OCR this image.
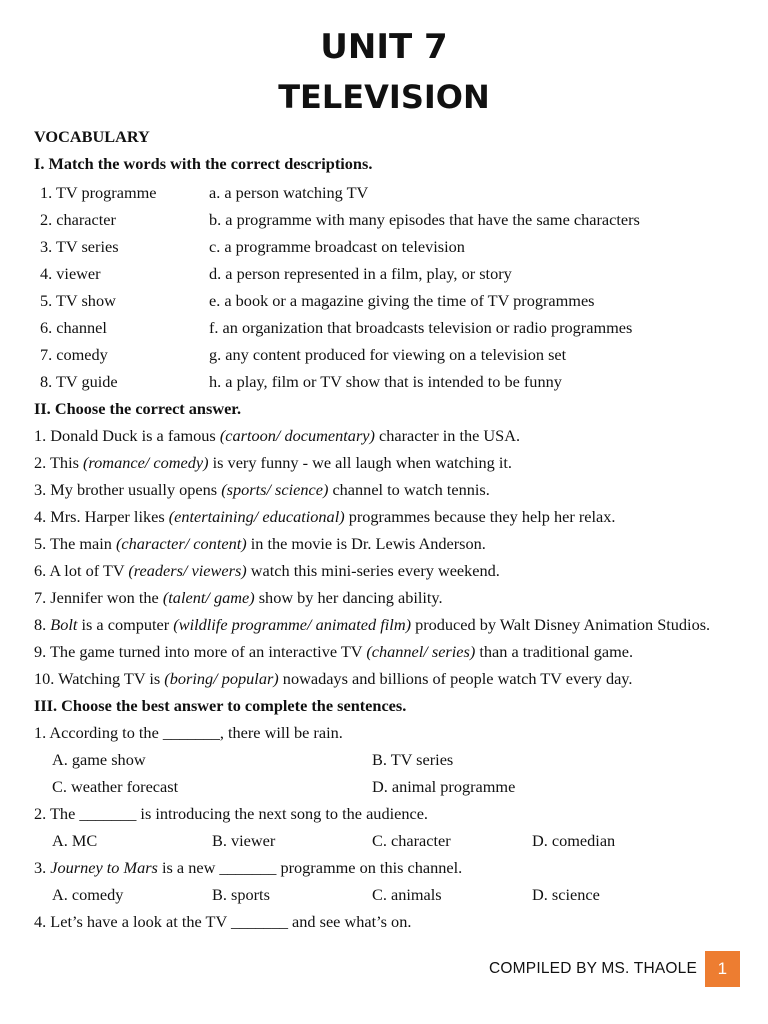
UNIT 7
TELEVISION
VOCABULARY
I. Match the words with the correct descriptions.
1. TV programme	a. a person watching TV
2. character	b. a programme with many episodes that have the same characters
3. TV series	c. a programme broadcast on television
4. viewer	d. a person represented in a film, play, or story
5. TV show	e. a book or a magazine giving the time of TV programmes
6. channel	f. an organization that broadcasts television or radio programmes
7. comedy	g. any content produced for viewing on a television set
8. TV guide	h. a play, film or TV show that is intended to be funny
II. Choose the correct answer.
1. Donald Duck is a famous (cartoon/ documentary) character in the USA.
2. This (romance/ comedy) is very funny - we all laugh when watching it.
3. My brother usually opens (sports/ science) channel to watch tennis.
4. Mrs. Harper likes (entertaining/ educational) programmes because they help her relax.
5. The main (character/ content) in the movie is Dr. Lewis Anderson.
6. A lot of TV (readers/ viewers) watch this mini-series every weekend.
7. Jennifer won the (talent/ game) show by her dancing ability.
8. Bolt is a computer (wildlife programme/ animated film) produced by Walt Disney Animation Studios.
9. The game turned into more of an interactive TV (channel/ series) than a traditional game.
10. Watching TV is (boring/ popular) nowadays and billions of people watch TV every day.
III. Choose the best answer to complete the sentences.
1. According to the _______, there will be rain.
A. game show	B. TV series
C. weather forecast	D. animal programme
2. The _______ is introducing the next song to the audience.
A. MC	B. viewer	C. character	D. comedian
3. Journey to Mars is a new _______ programme on this channel.
A. comedy	B. sports	C. animals	D. science
4. Let’s have a look at the TV _______ and see what’s on.
COMPILED BY MS. THAOLE	1
